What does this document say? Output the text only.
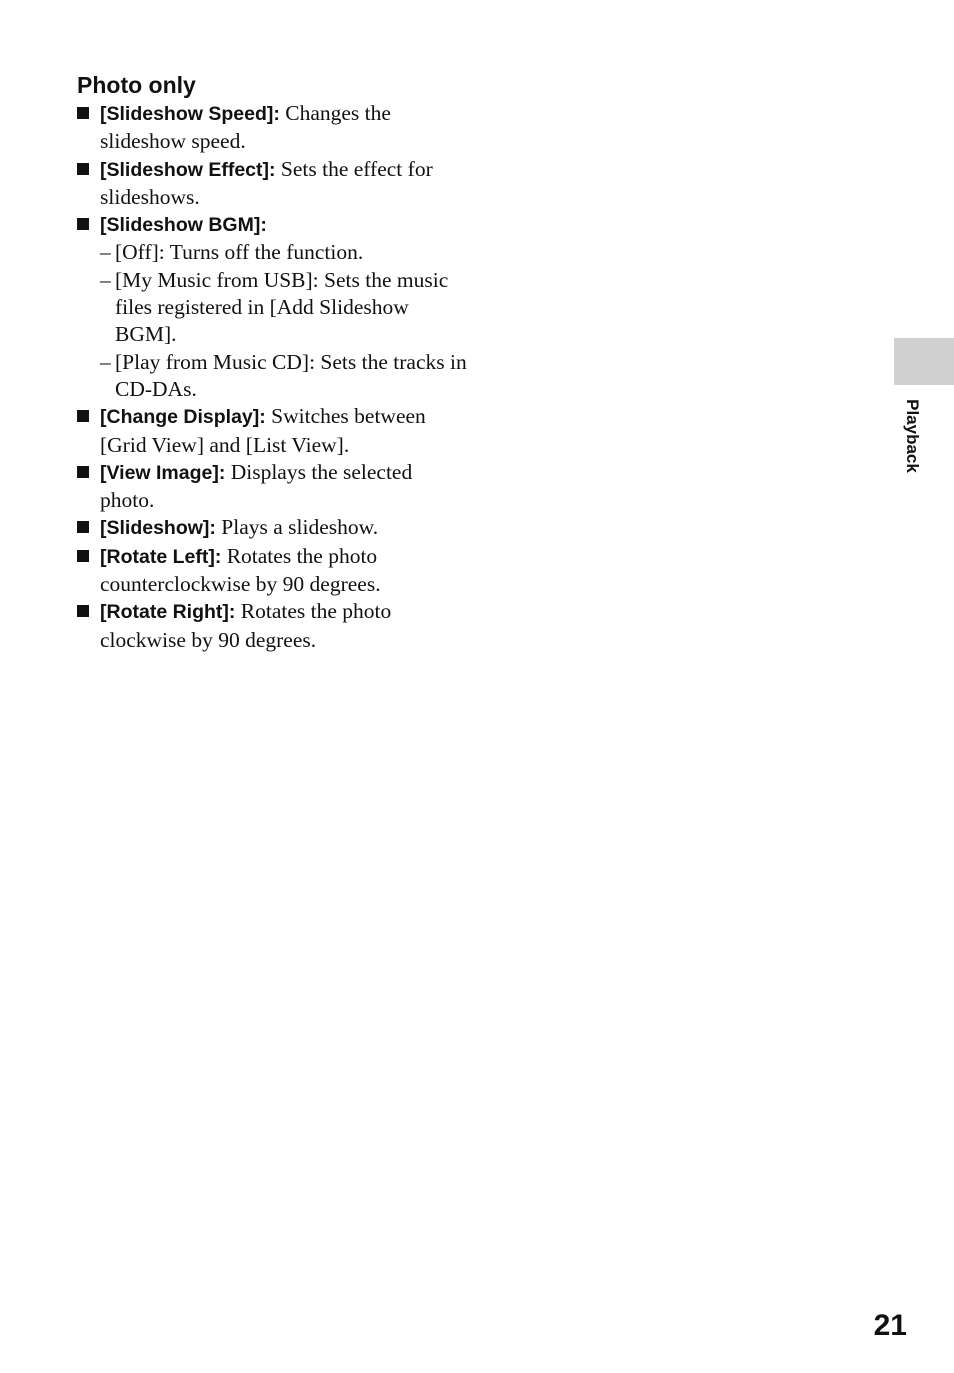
Photo only
[Slideshow Speed]: Changes the slideshow speed.
[Slideshow Effect]: Sets the effect for slideshows.
[Slideshow BGM]:
– [Off]: Turns off the function.
– [My Music from USB]: Sets the music files registered in [Add Slideshow BGM].
– [Play from Music CD]: Sets the tracks in CD-DAs.
[Change Display]: Switches between [Grid View] and [List View].
[View Image]: Displays the selected photo.
[Slideshow]: Plays a slideshow.
[Rotate Left]: Rotates the photo counterclockwise by 90 degrees.
[Rotate Right]: Rotates the photo clockwise by 90 degrees.
Playback
21
